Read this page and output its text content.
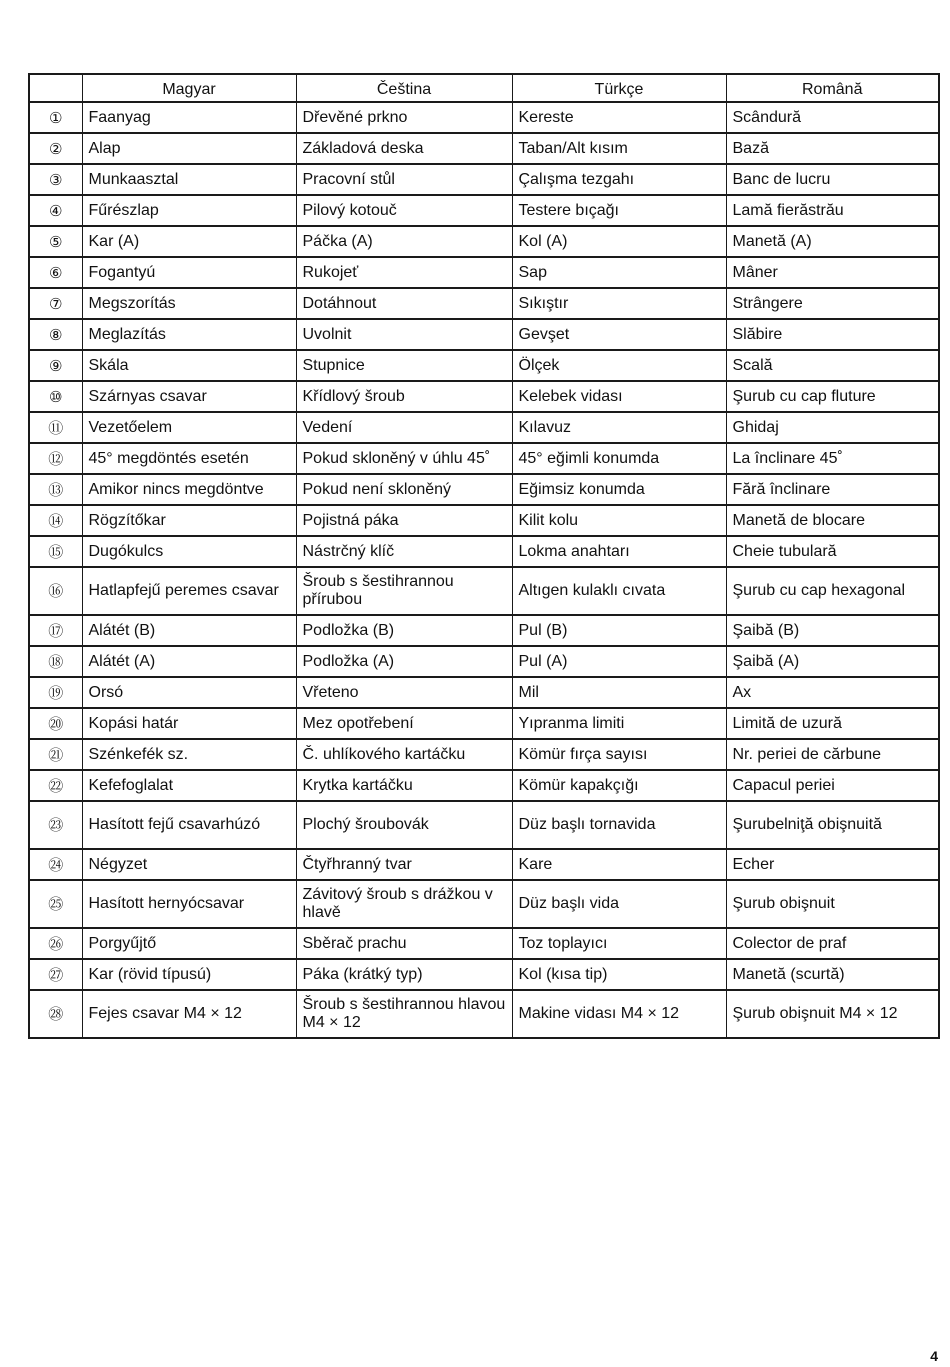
	Magyar	Čeština	Türkçe	Română
①	Faanyag	Dřevěné prkno	Kereste	Scândură
②	Alap	Základová deska	Taban/Alt kısım	Bază
③	Munkaasztal	Pracovní stůl	Çalışma tezgahı	Banc de lucru
④	Fűrészlap	Pilový kotouč	Testere bıçağı	Lamă fierăstrău
⑤	Kar (A)	Páčka (A)	Kol (A)	Manetă (A)
⑥	Fogantyú	Rukojeť	Sap	Mâner
⑦	Megszorítás	Dotáhnout	Sıkıştır	Strângere
⑧	Meglazítás	Uvolnit	Gevşet	Slăbire
⑨	Skála	Stupnice	Ölçek	Scală
⑩	Szárnyas csavar	Křídlový šroub	Kelebek vidası	Şurub cu cap fluture
⑪	Vezetőelem	Vedení	Kılavuz	Ghidaj
⑫	45° megdöntés esetén	Pokud skloněný v úhlu 45˚	45° eğimli konumda	La înclinare 45˚
⑬	Amikor nincs megdöntve	Pokud není skloněný	Eğimsiz konumda	Fără înclinare
⑭	Rögzítőkar	Pojistná páka	Kilit kolu	Manetă de blocare
⑮	Dugókulcs	Nástrčný klíč	Lokma anahtarı	Cheie tubulară
⑯	Hatlapfejű peremes csavar	Šroub s šestihrannou přírubou	Altıgen kulaklı cıvata	Şurub cu cap hexagonal
⑰	Alátét (B)	Podložka (B)	Pul (B)	Şaibă (B)
⑱	Alátét (A)	Podložka (A)	Pul (A)	Şaibă (A)
⑲	Orsó	Vřeteno	Mil	Ax
⑳	Kopási határ	Mez opotřebení	Yıpranma limiti	Limită de uzură
㉑	Szénkefék sz.	Č. uhlíkového kartáčku	Kömür fırça sayısı	Nr. periei de cărbune
㉒	Kefefoglalat	Krytka kartáčku	Kömür kapakçığı	Capacul periei
㉓	Hasított fejű csavarhúzó	Plochý šroubovák	Düz başlı tornavida	Şurubelniţă obişnuită
㉔	Négyzet	Čtyřhranný tvar	Kare	Echer
㉕	Hasított hernyócsavar	Závitový šroub s drážkou v hlavě	Düz başlı vida	Şurub obişnuit
㉖	Porgyűjtő	Sběrač prachu	Toz toplayıcı	Colector de praf
㉗	Kar (rövid típusú)	Páka (krátký typ)	Kol (kısa tip)	Manetă (scurtă)
㉘	Fejes csavar M4 × 12	Šroub s šestihrannou hlavou M4 × 12	Makine vidası M4 × 12	Şurub obişnuit M4 × 12
4
